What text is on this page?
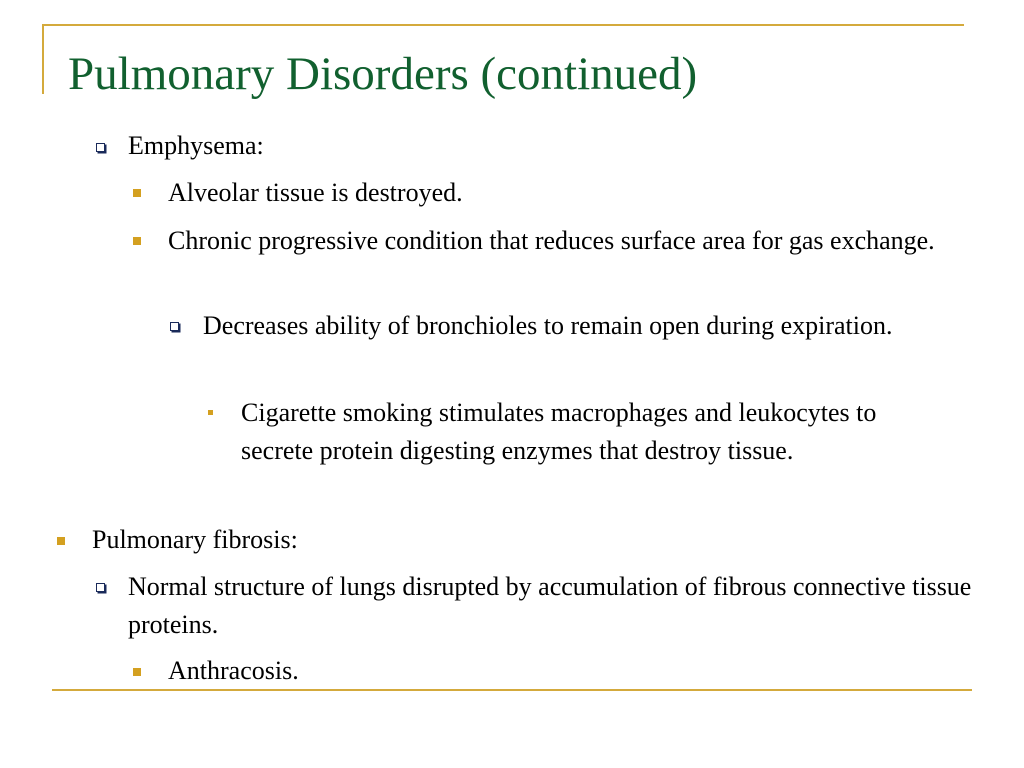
Pulmonary Disorders (continued)
Emphysema:
Alveolar tissue is destroyed.
Chronic progressive condition that reduces surface area for gas exchange.
Decreases ability of bronchioles to remain open during expiration.
Cigarette smoking stimulates macrophages and leukocytes to secrete protein digesting enzymes that destroy tissue.
Pulmonary fibrosis:
Normal structure of lungs disrupted by accumulation of fibrous connective tissue proteins.
Anthracosis.
